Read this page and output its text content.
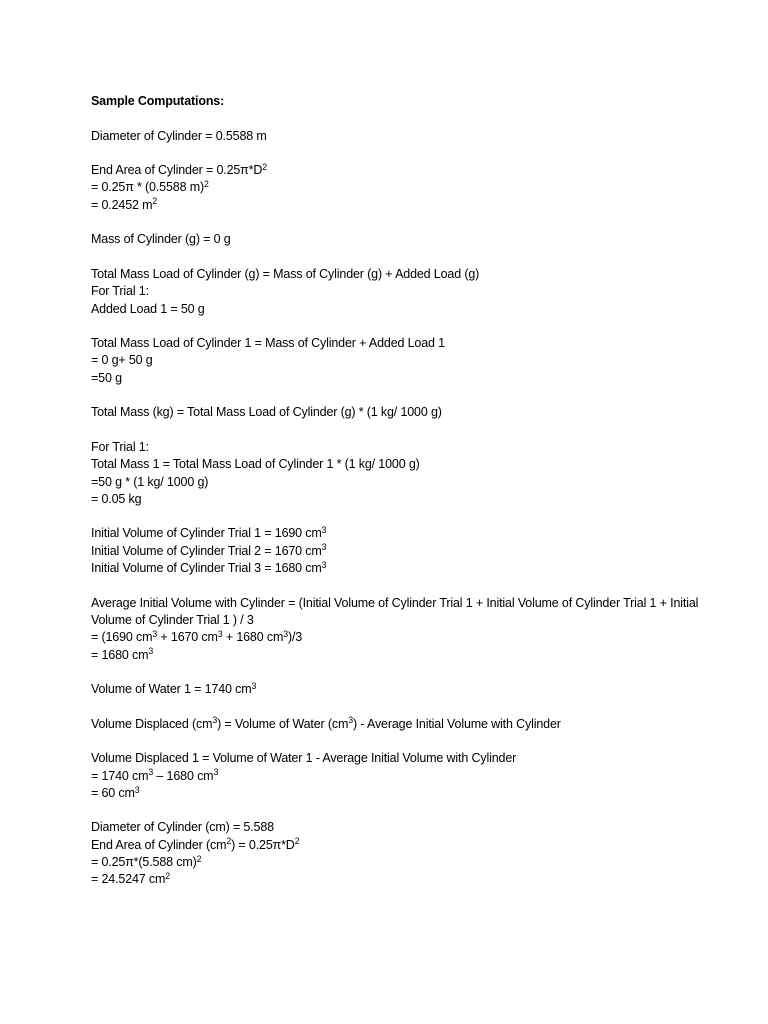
Sample Computations:
Diameter of Cylinder = 0.5588 m
End Area of Cylinder = $0.25\pi*D^2$
= 0.25π * (0.5588 m)$^2$
= 0.2452 $m^2$
Mass of Cylinder (g) = 0 g
Total Mass Load of Cylinder (g) = Mass of Cylinder (g) + Added Load (g)
For Trial 1:
Added Load 1 = 50 g
Total Mass Load of Cylinder 1 = Mass of Cylinder + Added Load 1
= 0 g+ 50 g
=50 g
Total Mass (kg) = Total Mass Load of Cylinder (g) * (1 kg/ 1000 g)
For Trial 1:
Total Mass 1 = Total Mass Load of Cylinder 1 * (1 kg/ 1000 g)
=50 g * (1 kg/ 1000 g)
= 0.05 kg
Initial Volume of Cylinder Trial 1 = 1690 $cm^3$
Initial Volume of Cylinder Trial 2 = 1670 $cm^3$
Initial Volume of Cylinder Trial 3 = 1680 $cm^3$
Average Initial Volume with Cylinder = (Initial Volume of Cylinder Trial 1 + Initial Volume of Cylinder Trial 1 + Initial Volume of Cylinder Trial 1 ) / 3
= (1690 $cm^3 + 1670$ $cm^3 + 1680$ $cm^3)/3$
= 1680 $cm^3$
Volume of Water 1 = 1740 $cm^3$
Volume Displaced $(cm^3)$ = Volume of Water $(cm^3)$ - Average Initial Volume with Cylinder
Volume Displaced 1 = Volume of Water 1 - Average Initial Volume with Cylinder
= 1740 $cm^3 - 1680$ $cm^3$
= 60 $cm^3$
Diameter of Cylinder (cm) = 5.588
End Area of Cylinder $(cm^2) = 0.25\pi*D^2$
= 0.25π*(5.588 cm)$^2$
= 24.5247 $cm^2$
